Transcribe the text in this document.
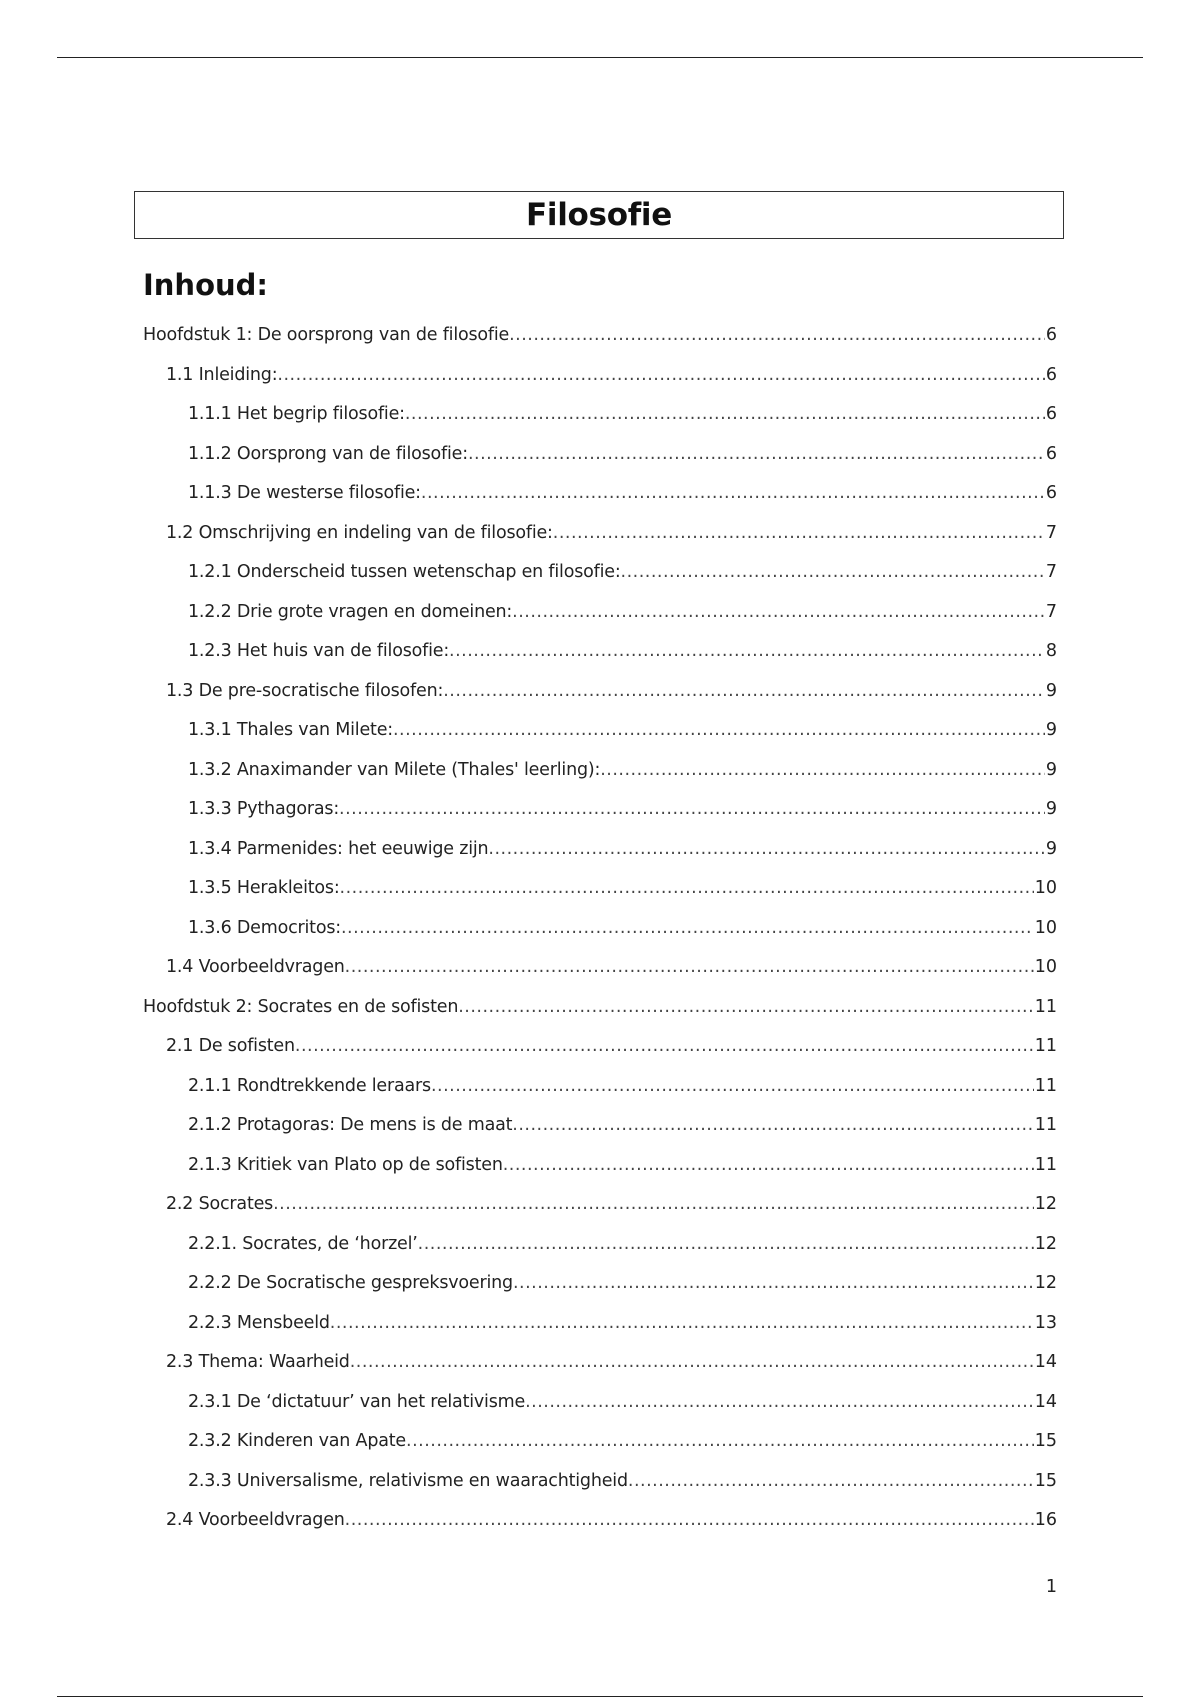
Filosofie
Inhoud:
Hoofdstuk 1: De oorsprong van de filosofie .....	6
1.1 Inleiding: .....	6
1.1.1 Het begrip filosofie: .....	6
1.1.2 Oorsprong van de filosofie: .....	6
1.1.3 De westerse filosofie: .....	6
1.2 Omschrijving en indeling van de filosofie: .....	7
1.2.1 Onderscheid tussen wetenschap en filosofie: .....	7
1.2.2 Drie grote vragen en domeinen: .....	7
1.2.3 Het huis van de filosofie: .....	8
1.3 De pre-socratische filosofen: .....	9
1.3.1 Thales van Milete: .....	9
1.3.2 Anaximander van Milete (Thales' leerling): .....	9
1.3.3 Pythagoras: .....	9
1.3.4 Parmenides: het eeuwige zijn .....	9
1.3.5 Herakleitos: .....	10
1.3.6 Democritos: .....	10
1.4 Voorbeeldvragen .....	10
Hoofdstuk 2: Socrates en de sofisten .....	11
2.1 De sofisten .....	11
2.1.1 Rondtrekkende leraars .....	11
2.1.2 Protagoras: De mens is de maat .....	11
2.1.3 Kritiek van Plato op de sofisten .....	11
2.2 Socrates .....	12
2.2.1. Socrates, de ‘horzel’ .....	12
2.2.2 De Socratische gespreksvoering .....	12
2.2.3 Mensbeeld .....	13
2.3 Thema: Waarheid .....	14
2.3.1 De ‘dictatuur’ van het relativisme .....	14
2.3.2 Kinderen van Apate .....	15
2.3.3 Universalisme, relativisme en waarachtigheid .....	15
2.4 Voorbeeldvragen .....	16
1
